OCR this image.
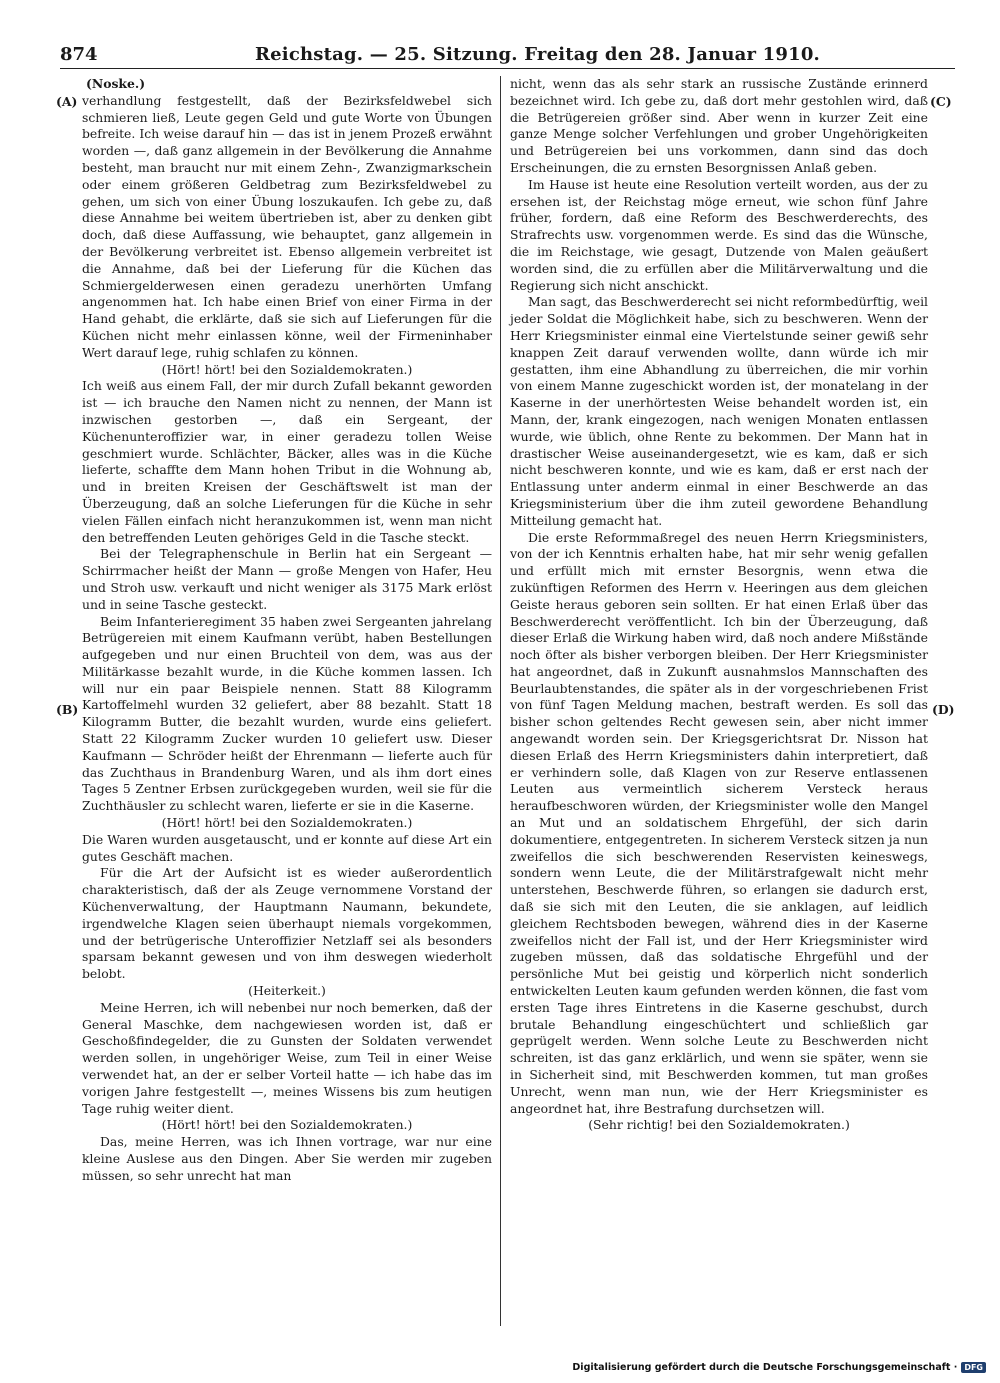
874	Reichstag. — 25. Sitzung. Freitag den 28. Januar 1910.
(A)
(B)
(C)
(D)
(Noske.)

verhandlung festgestellt, daß der Bezirksfeldwebel sich schmieren ließ, Leute gegen Geld und gute Worte von Übungen befreite. Ich weise darauf hin — das ist in jenem Prozeß erwähnt worden —, daß ganz allgemein in der Bevölkerung die Annahme besteht, man braucht nur mit einem Zehn-, Zwanzigmarkschein oder einem größeren Geldbetrag zum Bezirksfeldwebel zu gehen, um sich von einer Übung loszukaufen. Ich gebe zu, daß diese Annahme bei weitem übertrieben ist, aber zu denken gibt doch, daß diese Auffassung, wie behauptet, ganz allgemein in der Bevölkerung verbreitet ist. Ebenso allgemein verbreitet ist die Annahme, daß bei der Lieferung für die Küchen das Schmiergelderwesen einen geradezu unerhörten Umfang angenommen hat. Ich habe einen Brief von einer Firma in der Hand gehabt, die erklärte, daß sie sich auf Lieferungen für die Küchen nicht mehr einlassen könne, weil der Firmeninhaber Wert darauf lege, ruhig schlafen zu können.

(Hört! hört! bei den Sozialdemokraten.)

Ich weiß aus einem Fall, der mir durch Zufall bekannt geworden ist — ich brauche den Namen nicht zu nennen, der Mann ist inzwischen gestorben —, daß ein Sergeant, der Küchenunteroffizier war, in einer geradezu tollen Weise geschmiert wurde. Schlächter, Bäcker, alles was in die Küche lieferte, schaffte dem Mann hohen Tribut in die Wohnung ab, und in breiten Kreisen der Geschäftswelt ist man der Überzeugung, daß an solche Lieferungen für die Küche in sehr vielen Fällen einfach nicht heranzukommen ist, wenn man nicht den betreffenden Leuten gehöriges Geld in die Tasche steckt.

Bei der Telegraphenschule in Berlin hat ein Sergeant — Schirrmacher heißt der Mann — große Mengen von Hafer, Heu und Stroh usw. verkauft und nicht weniger als 3175 Mark erlöst und in seine Tasche gesteckt.

Beim Infanterieregiment 35 haben zwei Sergeanten jahrelang Betrügereien mit einem Kaufmann verübt, haben Bestellungen aufgegeben und nur einen Bruchteil von dem, was aus der Militärkasse bezahlt wurde, in die Küche kommen lassen. Ich will nur ein paar Beispiele nennen. Statt 88 Kilogramm Kartoffelmehl wurden 32 geliefert, aber 88 bezahlt. Statt 18 Kilogramm Butter, die bezahlt wurden, wurde eins geliefert. Statt 22 Kilogramm Zucker wurden 10 geliefert usw. Dieser Kaufmann — Schröder heißt der Ehrenmann — lieferte auch für das Zuchthaus in Brandenburg Waren, und als ihm dort eines Tages 5 Zentner Erbsen zurückgegeben wurden, weil sie für die Zuchthäusler zu schlecht waren, lieferte er sie in die Kaserne.

(Hört! hört! bei den Sozialdemokraten.)

Die Waren wurden ausgetauscht, und er konnte auf diese Art ein gutes Geschäft machen.

Für die Art der Aufsicht ist es wieder außerordentlich charakteristisch, daß der als Zeuge vernommene Vorstand der Küchenverwaltung, der Hauptmann Naumann, bekundete, irgendwelche Klagen seien überhaupt niemals vorgekommen, und der betrügerische Unteroffizier Netzlaff sei als besonders sparsam bekannt gewesen und von ihm deswegen wiederholt belobt.

(Heiterkeit.)

Meine Herren, ich will nebenbei nur noch bemerken, daß der General Maschke, dem nachgewiesen worden ist, daß er Geschoßfindegelder, die zu Gunsten der Soldaten verwendet werden sollen, in ungehöriger Weise, zum Teil in einer Weise verwendet hat, an der er selber Vorteil hatte — ich habe das im vorigen Jahre festgestellt —, meines Wissens bis zum heutigen Tage ruhig weiter dient.

(Hört! hört! bei den Sozialdemokraten.)

Das, meine Herren, was ich Ihnen vortrage, war nur eine kleine Auslese aus den Dingen. Aber Sie werden mir zugeben müssen, so sehr unrecht hat man

nicht, wenn das als sehr stark an russische Zustände erinnerd bezeichnet wird. Ich gebe zu, daß dort mehr gestohlen wird, daß die Betrügereien größer sind. Aber wenn in kurzer Zeit eine ganze Menge solcher Verfehlungen und grober Ungehörigkeiten und Betrügereien bei uns vorkommen, dann sind das doch Erscheinungen, die zu ernsten Besorgnissen Anlaß geben.

Im Hause ist heute eine Resolution verteilt worden, aus der zu ersehen ist, der Reichstag möge erneut, wie schon fünf Jahre früher, fordern, daß eine Reform des Beschwerderechts, des Strafrechts usw. vorgenommen werde. Es sind das die Wünsche, die im Reichstage, wie gesagt, Dutzende von Malen geäußert worden sind, die zu erfüllen aber die Militärverwaltung und die Regierung sich nicht anschickt.

Man sagt, das Beschwerderecht sei nicht reformbedürftig, weil jeder Soldat die Möglichkeit habe, sich zu beschweren. Wenn der Herr Kriegsminister einmal eine Viertelstunde seiner gewiß sehr knappen Zeit darauf verwenden wollte, dann würde ich mir gestatten, ihm eine Abhandlung zu überreichen, die mir vorhin von einem Manne zugeschickt worden ist, der monatelang in der Kaserne in der unerhörtesten Weise behandelt worden ist, ein Mann, der, krank eingezogen, nach wenigen Monaten entlassen wurde, wie üblich, ohne Rente zu bekommen. Der Mann hat in drastischer Weise auseinandergesetzt, wie es kam, daß er sich nicht beschweren konnte, und wie es kam, daß er erst nach der Entlassung unter anderm einmal in einer Beschwerde an das Kriegsministerium über die ihm zuteil gewordene Behandlung Mitteilung gemacht hat.

Die erste Reformmaßregel des neuen Herrn Kriegsministers, von der ich Kenntnis erhalten habe, hat mir sehr wenig gefallen und erfüllt mich mit ernster Besorgnis, wenn etwa die zukünftigen Reformen des Herrn v. Heeringen aus dem gleichen Geiste heraus geboren sein sollten. Er hat einen Erlaß über das Beschwerderecht veröffentlicht. Ich bin der Überzeugung, daß dieser Erlaß die Wirkung haben wird, daß noch andere Mißstände noch öfter als bisher verborgen bleiben. Der Herr Kriegsminister hat angeordnet, daß in Zukunft ausnahmslos Mannschaften des Beurlaubtenstandes, die später als in der vorgeschriebenen Frist von fünf Tagen Meldung machen, bestraft werden. Es soll das bisher schon geltendes Recht gewesen sein, aber nicht immer angewandt worden sein. Der Kriegsgerichtsrat Dr. Nisson hat diesen Erlaß des Herrn Kriegsministers dahin interpretiert, daß er verhindern solle, daß Klagen von zur Reserve entlassenen Leuten aus vermeintlich sicherem Versteck heraus heraufbeschworen würden, der Kriegsminister wolle den Mangel an Mut und an soldatischem Ehrgefühl, der sich darin dokumentiere, entgegentreten. In sicherem Versteck sitzen ja nun zweifellos die sich beschwerenden Reservisten keineswegs, sondern wenn Leute, die der Militärstrafgewalt nicht mehr unterstehen, Beschwerde führen, so erlangen sie dadurch erst, daß sie sich mit den Leuten, die sie anklagen, auf leidlich gleichem Rechtsboden bewegen, während dies in der Kaserne zweifellos nicht der Fall ist, und der Herr Kriegsminister wird zugeben müssen, daß das soldatische Ehrgefühl und der persönliche Mut bei geistig und körperlich nicht sonderlich entwickelten Leuten kaum gefunden werden können, die fast vom ersten Tage ihres Eintretens in die Kaserne geschubst, durch brutale Behandlung eingeschüchtert und schließlich gar geprügelt werden. Wenn solche Leute zu Beschwerden nicht schreiten, ist das ganz erklärlich, und wenn sie später, wenn sie in Sicherheit sind, mit Beschwerden kommen, tut man großes Unrecht, wenn man nun, wie der Herr Kriegsminister es angeordnet hat, ihre Bestrafung durchsetzen will.

(Sehr richtig! bei den Sozialdemokraten.)

Digitalisierung gefördert durch die Deutsche Forschungsgemeinschaft · DFG
